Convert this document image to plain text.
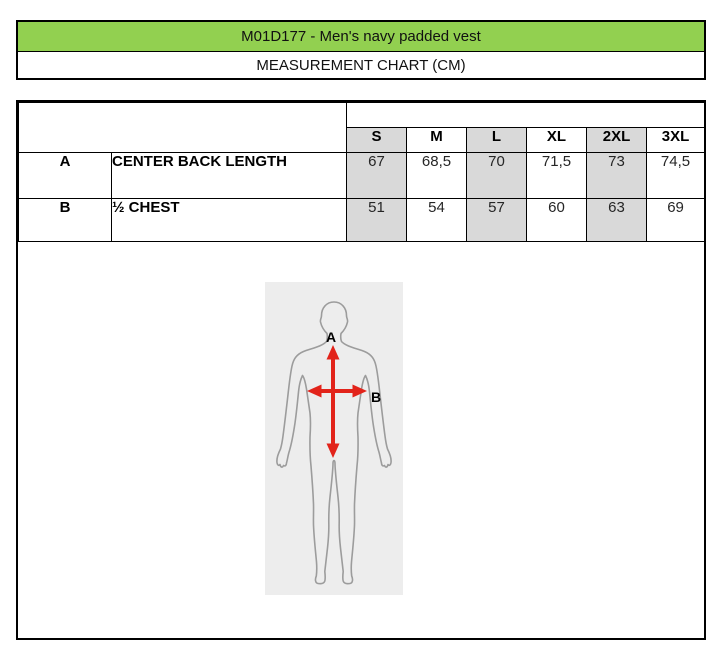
M01D177 - Men's navy padded vest
MEASUREMENT CHART (CM)

		S	M	L	XL	2XL	3XL
A	CENTER BACK LENGTH	67	68,5	70	71,5	73	74,5
B	½ CHEST	51	54	57	60	63	69
A
B
